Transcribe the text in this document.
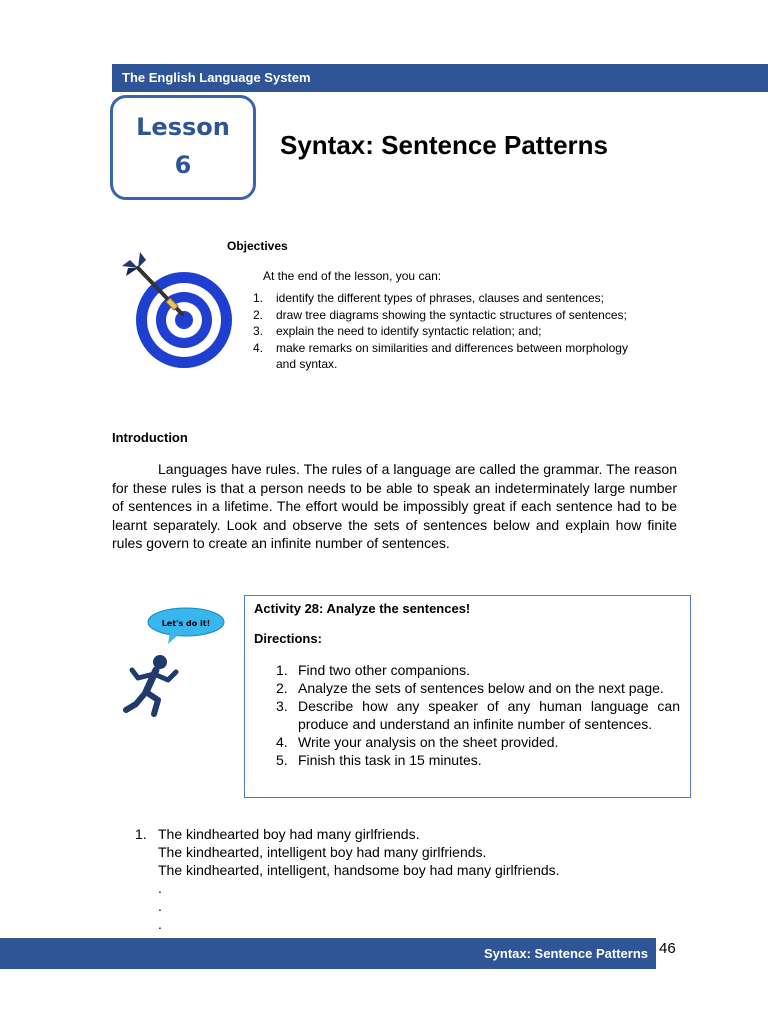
The English Language System
Lesson
6
Syntax: Sentence Patterns
Objectives
At the end of the lesson, you can:
1. identify the different types of phrases, clauses and sentences;
2. draw tree diagrams showing the syntactic structures of sentences;
3. explain the need to identify syntactic relation; and;
4. make remarks on similarities and differences between morphology and syntax.
Introduction

Languages have rules. The rules of a language are called the grammar. The reason for these rules is that a person needs to be able to speak an indeterminately large number of sentences in a lifetime. The effort would be impossibly great if each sentence had to be learnt separately. Look and observe the sets of sentences below and explain how finite rules govern to create an infinite number of sentences.

Let's do it!
Activity 28: Analyze the sentences!
Directions:
1. Find two other companions.
2. Analyze the sets of sentences below and on the next page.
3. Describe how any speaker of any human language can produce and understand an infinite number of sentences.
4. Write your analysis on the sheet provided.
5. Finish this task in 15 minutes.
1. The kindhearted boy had many girlfriends.
The kindhearted, intelligent boy had many girlfriends.
The kindhearted, intelligent, handsome boy had many girlfriends.
.
.
.
Syntax: Sentence Patterns 46
